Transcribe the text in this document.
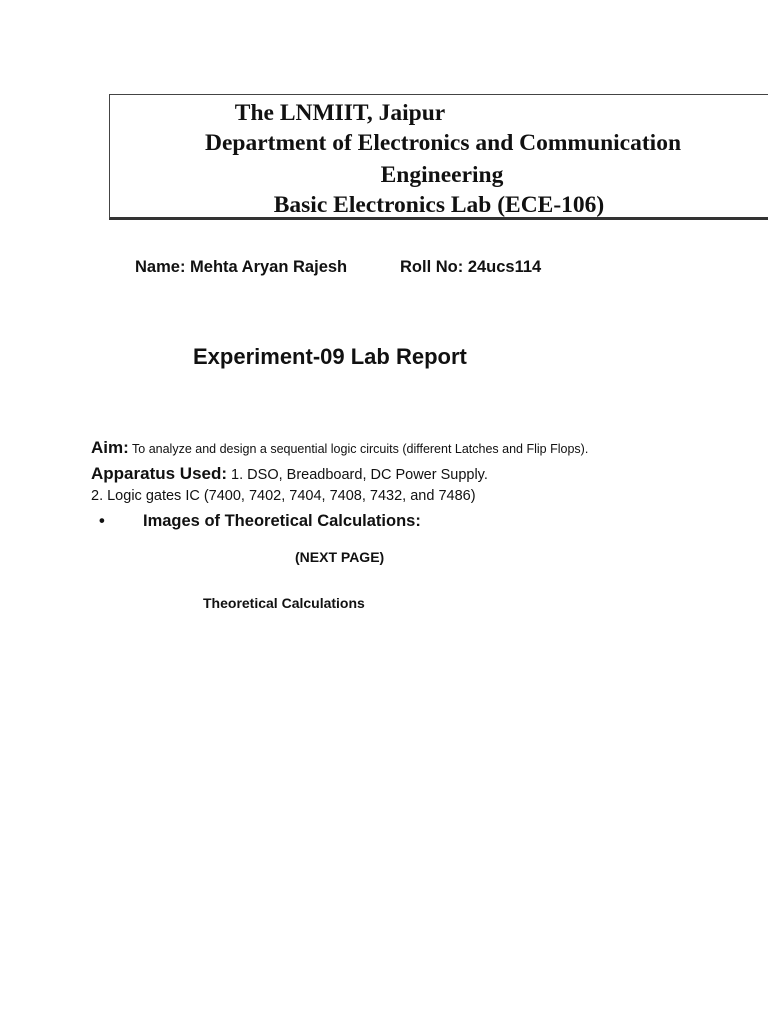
The LNMIIT, Jaipur
Department of Electronics and Communication
Engineering
Basic Electronics Lab (ECE-106)
Name: Mehta Aryan Rajesh	Roll No: 24ucs114
Experiment-09 Lab Report
Aim: To analyze and design a sequential logic circuits (different Latches and Flip Flops).
Apparatus Used: 1. DSO, Breadboard, DC Power Supply.
2. Logic gates IC (7400, 7402, 7404, 7408, 7432, and 7486)
• Images of Theoretical Calculations:
(NEXT PAGE)
Theoretical Calculations
